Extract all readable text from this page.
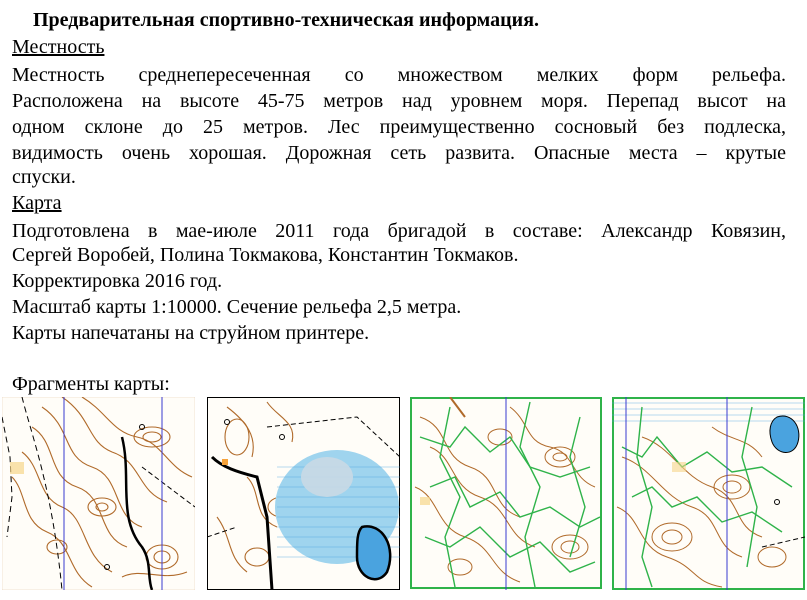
Предварительная спортивно-техническая информация.
Местность
Местность среднепересеченная со множеством мелких форм рельефа.
Расположена на высоте 45-75 метров над уровнем моря. Перепад высот на
одном склоне до 25 метров. Лес преимущественно сосновый без подлеска,
видимость очень хорошая. Дорожная сеть развита. Опасные места – крутые
спуски.
Карта
Подготовлена в мае-июле 2011 года бригадой в составе: Александр Ковязин,
Сергей Воробей, Полина Токмакова, Константин Токмаков.
Корректировка 2016 год.
Масштаб карты 1:10000. Сечение рельефа 2,5 метра.
Карты напечатаны на струйном принтере.
Фрагменты карты:
